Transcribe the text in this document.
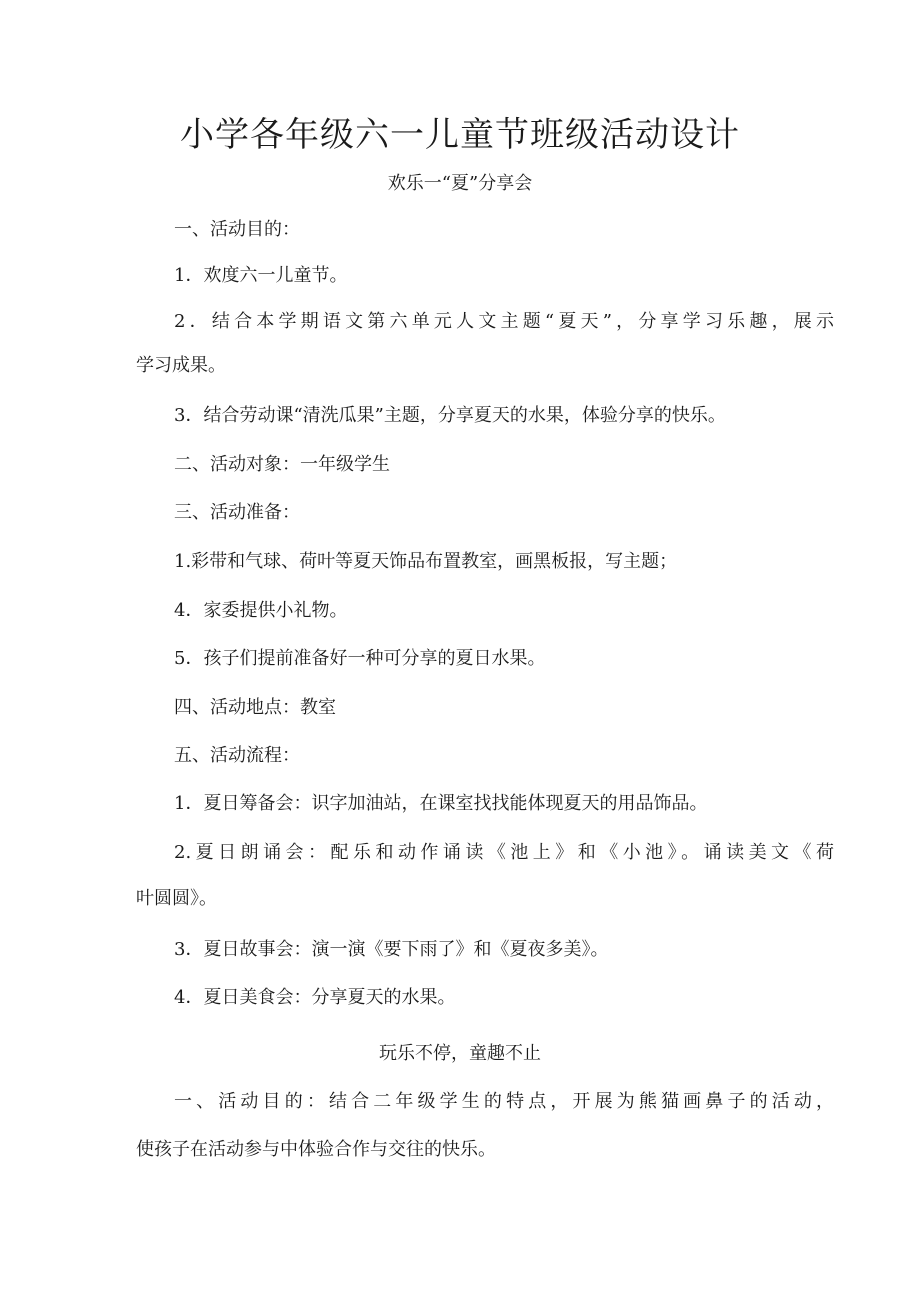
小学各年级六一儿童节班级活动设计
欢乐一“夏”分享会
一、活动目的：
1．欢度六一儿童节。
2．结合本学期语文第六单元人文主题“夏天”，分享学习乐趣，展示
学习成果。
3．结合劳动课“清洗瓜果”主题，分享夏天的水果，体验分享的快乐。
二、活动对象：一年级学生
三、活动准备：
1.彩带和气球、荷叶等夏天饰品布置教室，画黑板报，写主题；
4．家委提供小礼物。
5．孩子们提前准备好一种可分享的夏日水果。
四、活动地点：教室
五、活动流程：
1．夏日筹备会：识字加油站，在课室找找能体现夏天的用品饰品。
2.夏日朗诵会：配乐和动作诵读《池上》和《小池》。诵读美文《荷
叶圆圆》。
3．夏日故事会：演一演《要下雨了》和《夏夜多美》。
4．夏日美食会：分享夏天的水果。
玩乐不停，童趣不止
一、活动目的：结合二年级学生的特点，开展为熊猫画鼻子的活动，
使孩子在活动参与中体验合作与交往的快乐。
